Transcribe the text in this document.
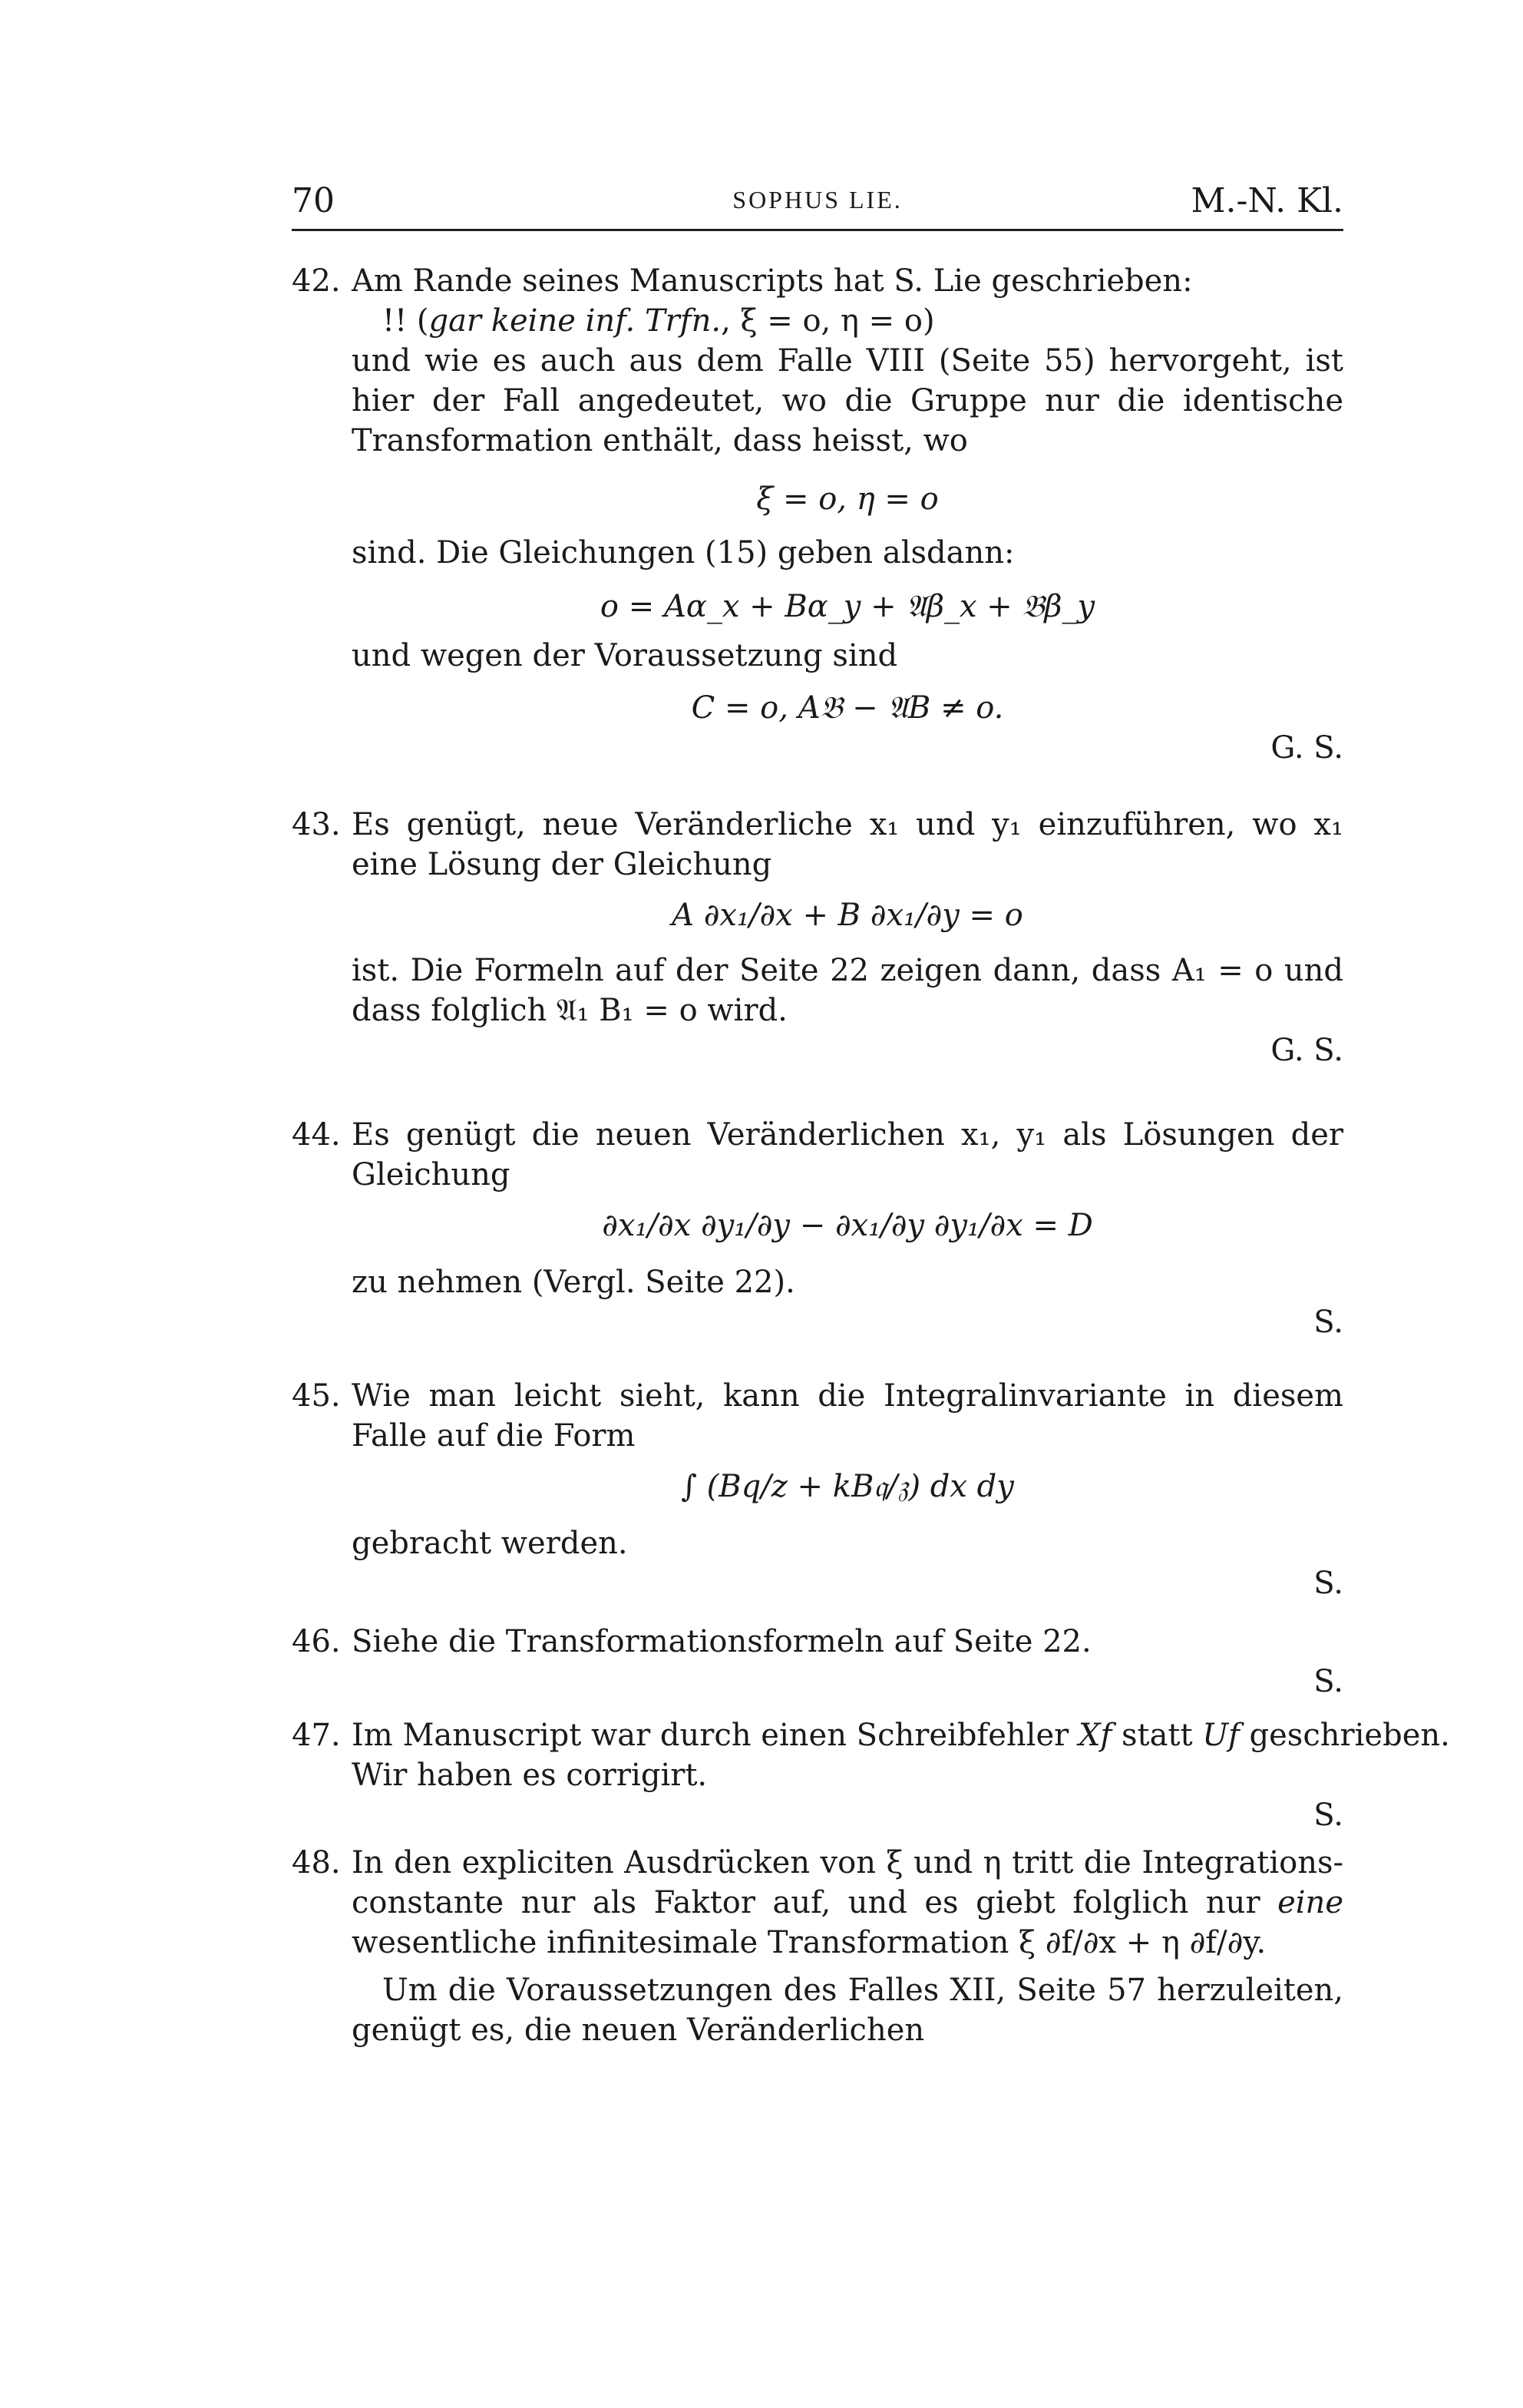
70	SOPHUS LIE.	M.-N. Kl.
42. Am Rande seines Manuscripts hat S. Lie geschrieben:
!! (gar keine inf. Trfn., ξ = o, η = o)
und wie es auch aus dem Falle VIII (Seite 55) hervorgeht, ist hier der Fall angedeutet, wo die Gruppe nur die identische Transformation enthält, dass heisst, wo
ξ = o, η = o
sind. Die Gleichungen (15) geben alsdann:
o = Aα_x + Bα_y + 𝔄β_x + 𝔅β_y
und wegen der Voraussetzung sind
C = o, A𝔅 − 𝔄B ≠ o.
G. S.
43. Es genügt, neue Veränderliche x₁ und y₁ einzuführen, wo x₁ eine Lösung der Gleichung
A ∂x₁/∂x + B ∂x₁/∂y = o
ist. Die Formeln auf der Seite 22 zeigen dann, dass A₁ = o und dass folglich 𝔄₁ B₁ = o wird.
G. S.
44. Es genügt die neuen Veränderlichen x₁, y₁ als Lösungen der Gleichung
∂x₁/∂x ∂y₁/∂y − ∂x₁/∂y ∂y₁/∂x = D
zu nehmen (Vergl. Seite 22).
S.
45. Wie man leicht sieht, kann die Integralinvariante in diesem Falle auf die Form
∫ (Bq/z + kB𝔮/𝔷) dx dy
gebracht werden.
S.
46. Siehe die Transformationsformeln auf Seite 22.
S.
47. Im Manuscript war durch einen Schreibfehler Xf statt Uf geschrieben.
Wir haben es corrigirt.
S.
48. In den expliciten Ausdrücken von ξ und η tritt die Integrations-constante nur als Faktor auf, und es giebt folglich nur eine wesentliche infinitesimale Transformation ξ ∂f/∂x + η ∂f/∂y.
Um die Voraussetzungen des Falles XII, Seite 57 herzuleiten, genügt es, die neuen Veränderlichen
